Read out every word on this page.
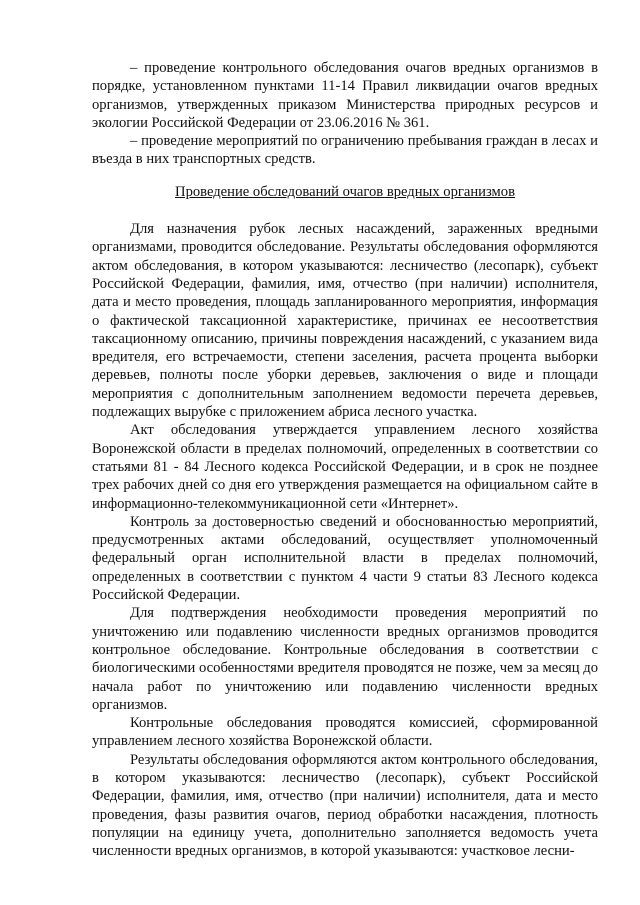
– проведение контрольного обследования очагов вредных организмов в порядке, установленном пунктами 11-14 Правил ликвидации очагов вредных организмов, утвержденных приказом Министерства природных ресурсов и экологии Российской Федерации от 23.06.2016 № 361.

– проведение мероприятий по ограничению пребывания граждан в лесах и въезда в них транспортных средств.

Проведение обследований очагов вредных организмов

Для назначения рубок лесных насаждений, зараженных вредными организмами, проводится обследование. Результаты обследования оформляются актом обследования, в котором указываются: лесничество (лесопарк), субъект Российской Федерации, фамилия, имя, отчество (при наличии) исполнителя, дата и место проведения, площадь запланированного мероприятия, информация о фактической таксационной характеристике, причинах ее несоответствия таксационному описанию, причины повреждения насаждений, с указанием вида вредителя, его встречаемости, степени заселения, расчета процента выборки деревьев, полноты после уборки деревьев, заключения о виде и площади мероприятия с дополнительным заполнением ведомости перечета деревьев, подлежащих вырубке с приложением абриса лесного участка.

Акт обследования утверждается управлением лесного хозяйства Воронежской области в пределах полномочий, определенных в соответствии со статьями 81 - 84 Лесного кодекса Российской Федерации, и в срок не позднее трех рабочих дней со дня его утверждения размещается на официальном сайте в информационно-телекоммуникационной сети «Интернет».

Контроль за достоверностью сведений и обоснованностью мероприятий, предусмотренных актами обследований, осуществляет уполномоченный федеральный орган исполнительной власти в пределах полномочий, определенных в соответствии с пунктом 4 части 9 статьи 83 Лесного кодекса Российской Федерации.

Для подтверждения необходимости проведения мероприятий по уничтожению или подавлению численности вредных организмов проводится контрольное обследование. Контрольные обследования в соответствии с биологическими особенностями вредителя проводятся не позже, чем за месяц до начала работ по уничтожению или подавлению численности вредных организмов.

Контрольные обследования проводятся комиссией, сформированной управлением лесного хозяйства Воронежской области.

Результаты обследования оформляются актом контрольного обследования, в котором указываются: лесничество (лесопарк), субъект Российской Федерации, фамилия, имя, отчество (при наличии) исполнителя, дата и место проведения, фазы развития очагов, период обработки насаждения, плотность популяции на единицу учета, дополнительно заполняется ведомость учета численности вредных организмов, в которой указываются: участковое лесни-
